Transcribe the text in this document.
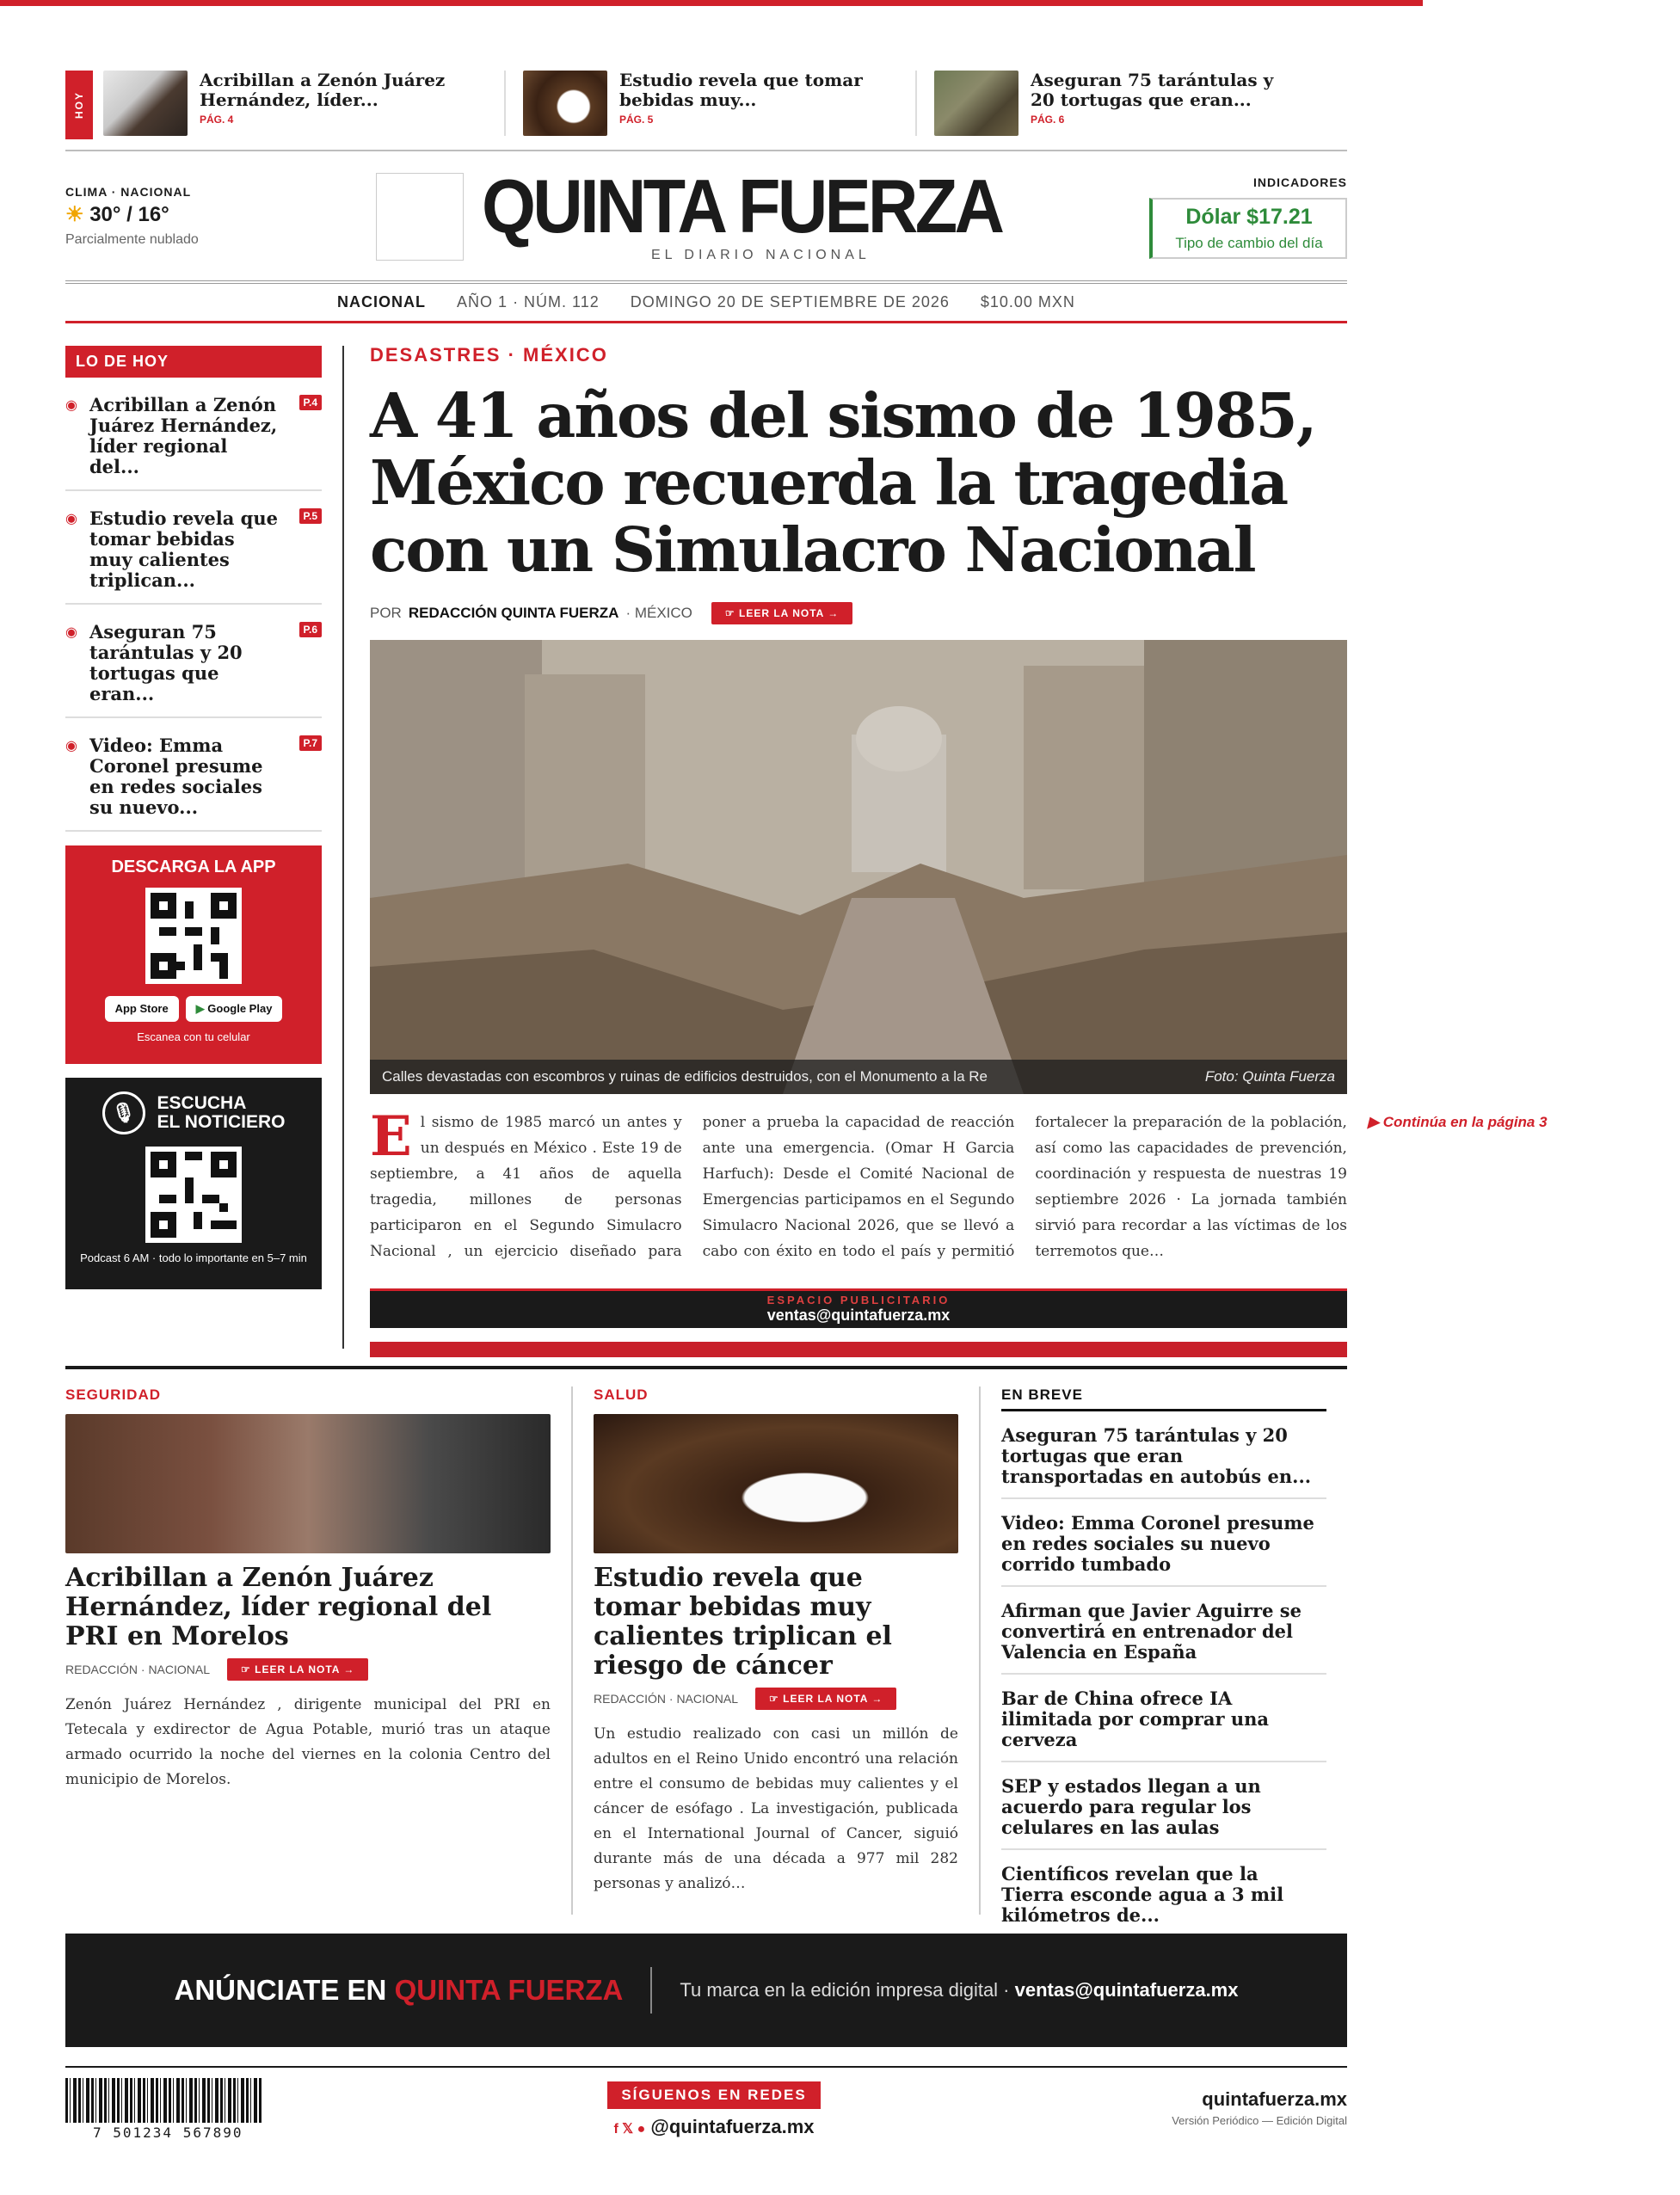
HOY
Acribillan a Zenón Juárez Hernández, líder...
PÁG. 4
Estudio revela que tomar bebidas muy...
PÁG. 5
Aseguran 75 tarántulas y 20 tortugas que eran...
PÁG. 6
CLIMA · NACIONAL
☀ 30° / 16°
Parcialmente nublado	QUINTA FUERZA
EL DIARIO NACIONAL
INDICADORES
Dólar $17.21
Tipo de cambio del día
NACIONAL AÑO 1 · NÚM. 112 DOMINGO 20 DE SEPTIEMBRE DE 2026 $10.00 MXN
LO DE HOY
◉ Acribillan a Zenón Juárez Hernández, líder regional del...
P.4
◉ Estudio revela que tomar bebidas muy calientes triplican...
P.5
◉ Aseguran 75 tarántulas y 20 tortugas que eran...
P.6
◉ Video: Emma Coronel presume en redes sociales su nuevo...
P.7
DESCARGA LA APP
App Store	▶ Google Play
Escanea con tu celular
🎙	ESCUCHA
EL NOTICIERO
Podcast 6 AM · todo lo importante en 5–7 min
DESASTRES · MÉXICO
A 41 años del sismo de 1985, México recuerda la tragedia con un Simulacro Nacional
POR REDACCIÓN QUINTA FUERZA · MÉXICO	☞ LEER LA NOTA →
Calles devastadas con escombros y ruinas de edificios destruidos, con el Monumento a la Re	Foto: Quinta Fuerza
El sismo de 1985 marcó un antes y un después en México . Este 19 de septiembre, a 41 años de aquella tragedia, millones de personas participaron en el Segundo Simulacro Nacional , un ejercicio diseñado para poner a prueba la capacidad de reacción ante una emergencia. (Omar H Garcia Harfuch): Desde el Comité Nacional de Emergencias participamos en el Segundo Simulacro Nacional 2026, que se llevó a cabo con éxito en todo el país y permitió fortalecer la preparación de la población, así como las capacidades de prevención, coordinación y respuesta de nuestras 19 septiembre 2026 · La jornada también sirvió para recordar a las víctimas de los terremotos que…
▶ Continúa en la página 3
ESPACIO PUBLICITARIO
ventas@quintafuerza.mx
SEGURIDAD
Acribillan a Zenón Juárez Hernández, líder regional del PRI en Morelos
REDACCIÓN · NACIONAL	☞ LEER LA NOTA →

Zenón Juárez Hernández , dirigente municipal del PRI en Tetecala y exdirector de Agua Potable, murió tras un ataque armado ocurrido la noche del viernes en la colonia Centro del municipio de Morelos.

SALUD
Estudio revela que tomar bebidas muy calientes triplican el riesgo de cáncer
REDACCIÓN · NACIONAL	☞ LEER LA NOTA →

Un estudio realizado con casi un millón de adultos en el Reino Unido encontró una relación entre el consumo de bebidas muy calientes y el cáncer de esófago . La investigación, publicada en el International Journal of Cancer, siguió durante más de una década a 977 mil 282 personas y analizó…

EN BREVE
Aseguran 75 tarántulas y 20 tortugas que eran transportadas en autobús en...
Video: Emma Coronel presume en redes sociales su nuevo corrido tumbado
Afirman que Javier Aguirre se convertirá en entrenador del Valencia en España
Bar de China ofrece IA ilimitada por comprar una cerveza
SEP y estados llegan a un acuerdo para regular los celulares en las aulas
Científicos revelan que la Tierra esconde agua a 3 mil kilómetros de...
ANÚNCIATE EN QUINTA FUERZA	Tu marca en la edición impresa digital · ventas@quintafuerza.mx
7 501234 567890
SÍGUENOS EN REDES
f 𝕏 ● @quintafuerza.mx
quintafuerza.mx
Versión Periódico — Edición Digital
